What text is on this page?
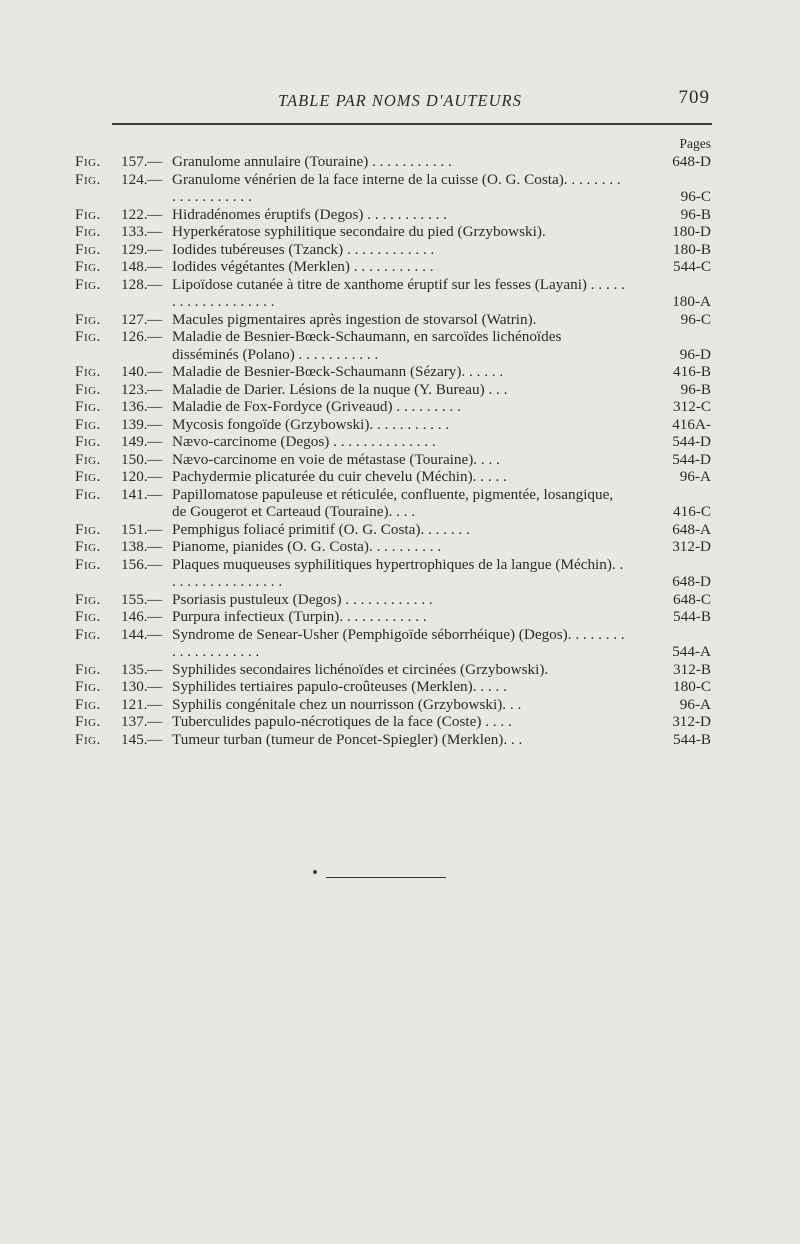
TABLE PAR NOMS D'AUTEURS	709
Pages
Fig. 157. — Granulome annulaire (Touraine) . . . . . . . . . . .	648-D
Fig. 124. — Granulome vénérien de la face interne de la cuisse (O. G. Costa). . . . . . . . . . . . . . . . . . .	96-C
Fig. 122. — Hidradénomes éruptifs (Degos) . . . . . . . . . . .	96-B
Fig. 133. — Hyperkératose syphilitique secondaire du pied (Grzybowski).	180-D
Fig. 129. — Iodides tubéreuses (Tzanck) . . . . . . . . . . . .	180-B
Fig. 148. — Iodides végétantes (Merklen) . . . . . . . . . . .	544-C
Fig. 128. — Lipoïdose cutanée à titre de xanthome éruptif sur les fesses (Layani) . . . . . . . . . . . . . . . . . . .	180-A
Fig. 127. — Macules pigmentaires après ingestion de stovarsol (Watrin).	96-C
Fig. 126. — Maladie de Besnier-Bœck-Schaumann, en sarcoïdes lichénoïdes disséminés (Polano) . . . . . . . . . . .	96-D
Fig. 140. — Maladie de Besnier-Bœck-Schaumann (Sézary). . . . . .	416-B
Fig. 123. — Maladie de Darier. Lésions de la nuque (Y. Bureau) . . .	96-B
Fig. 136. — Maladie de Fox-Fordyce (Griveaud) . . . . . . . . .	312-C
Fig. 139. — Mycosis fongoïde (Grzybowski). . . . . . . . . . .	416A-
Fig. 149. — Nævo-carcinome (Degos) . . . . . . . . . . . . . .	544-D
Fig. 150. — Nævo-carcinome en voie de métastase (Touraine). . . .	544-D
Fig. 120. — Pachydermie plicaturée du cuir chevelu (Méchin). . . . .	96-A
Fig. 141. — Papillomatose papuleuse et réticulée, confluente, pigmentée, losangique, de Gougerot et Carteaud (Touraine). . . .	416-C
Fig. 151. — Pemphigus foliacé primitif (O. G. Costa). . . . . . .	648-A
Fig. 138. — Pianome, pianides (O. G. Costa). . . . . . . . . .	312-D
Fig. 156. — Plaques muqueuses syphilitiques hypertrophiques de la langue (Méchin). . . . . . . . . . . . . . . . .	648-D
Fig. 155. — Psoriasis pustuleux (Degos) . . . . . . . . . . . .	648-C
Fig. 146. — Purpura infectieux (Turpin). . . . . . . . . . . .	544-B
Fig. 144. — Syndrome de Senear-Usher (Pemphigoïde séborrhéique) (Degos). . . . . . . . . . . . . . . . . . . .	544-A
Fig. 135. — Syphilides secondaires lichénoïdes et circinées (Grzybowski).	312-B
Fig. 130. — Syphilides tertiaires papulo-croûteuses (Merklen). . . . .	180-C
Fig. 121. — Syphilis congénitale chez un nourrisson (Grzybowski). . .	96-A
Fig. 137. — Tuberculides papulo-nécrotiques de la face (Coste) . . . .	312-D
Fig. 145. — Tumeur turban (tumeur de Poncet-Spiegler) (Merklen). . .	544-B
